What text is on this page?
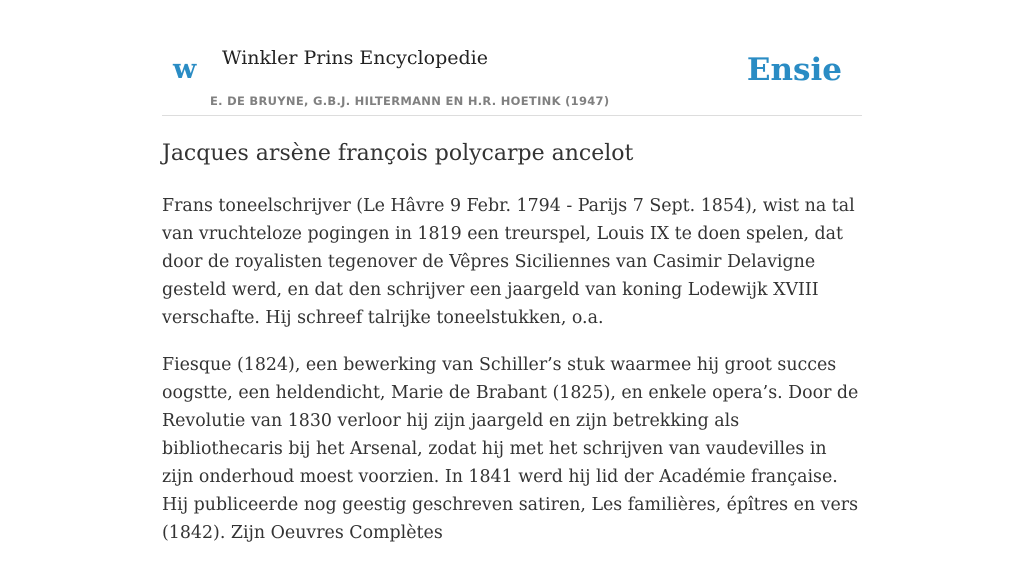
w Winkler Prins Encyclopedie
E. DE BRUYNE, G.B.J. HILTERMANN EN H.R. HOETINK (1947)
Ensie
Jacques arsène françois polycarpe ancelot

Frans toneelschrijver (Le Hâvre 9 Febr. 1794 - Parijs 7 Sept. 1854), wist na tal van vruchteloze pogingen in 1819 een treurspel, Louis IX te doen spelen, dat door de royalisten tegenover de Vêpres Siciliennes van Casimir Delavigne gesteld werd, en dat den schrijver een jaargeld van koning Lodewijk XVIII verschafte. Hij schreef talrijke toneelstukken, o.a.

Fiesque (1824), een bewerking van Schiller’s stuk waarmee hij groot succes oogstte, een heldendicht, Marie de Brabant (1825), en enkele opera’s. Door de Revolutie van 1830 verloor hij zijn jaargeld en zijn betrekking als bibliothecaris bij het Arsenal, zodat hij met het schrijven van vaudevilles in zijn onderhoud moest voorzien. In 1841 werd hij lid der Académie française. Hij publiceerde nog geestig geschreven satiren, Les familières, épîtres en vers (1842). Zijn Oeuvres Complètes
